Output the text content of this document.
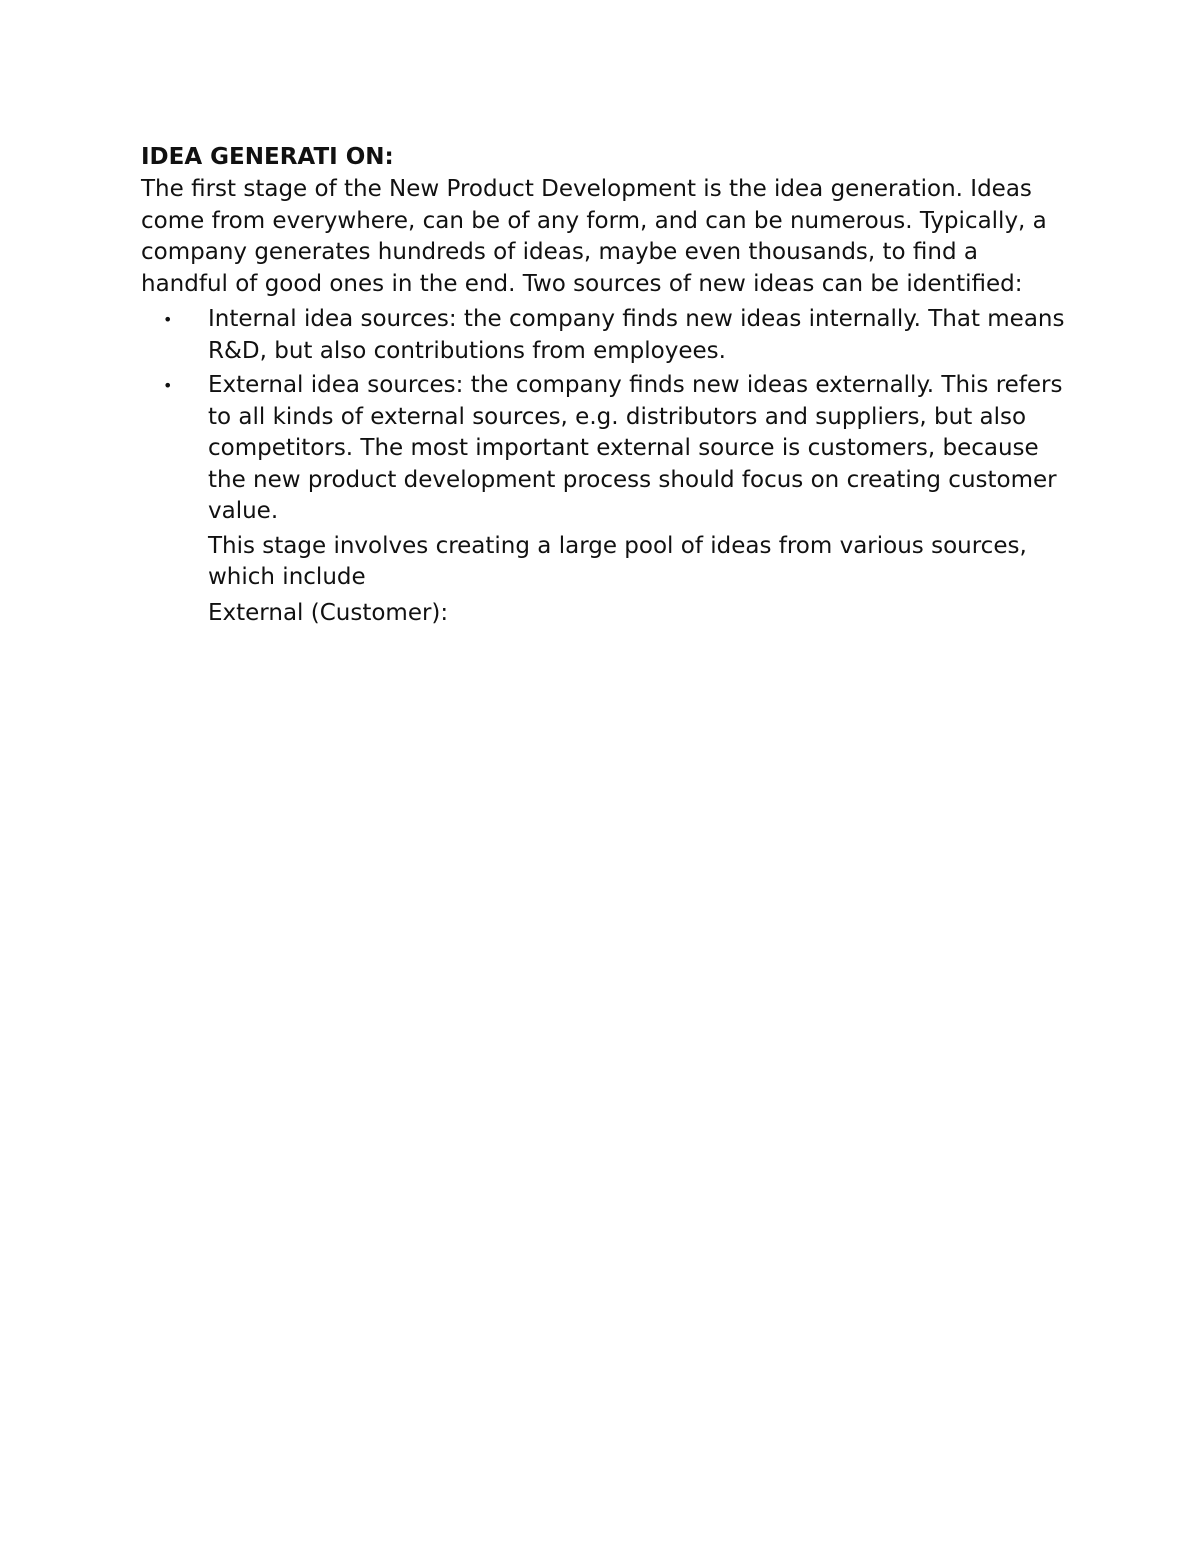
IDEA GENERATI ON:

The first stage of the New Product Development is the idea generation. Ideas come from everywhere, can be of any form, and can be numerous. Typically, a company generates hundreds of ideas, maybe even thousands, to find a handful of good ones in the end. Two sources of new ideas can be identified:

• Internal idea sources: the company finds new ideas internally. That means R&D, but also contributions from employees.
• External idea sources: the company finds new ideas externally. This refers to all kinds of external sources, e.g. distributors and suppliers, but also competitors. The most important external source is customers, because the new product development process should focus on creating customer value.

This stage involves creating a large pool of ideas from various sources, which include

External (Customer):
